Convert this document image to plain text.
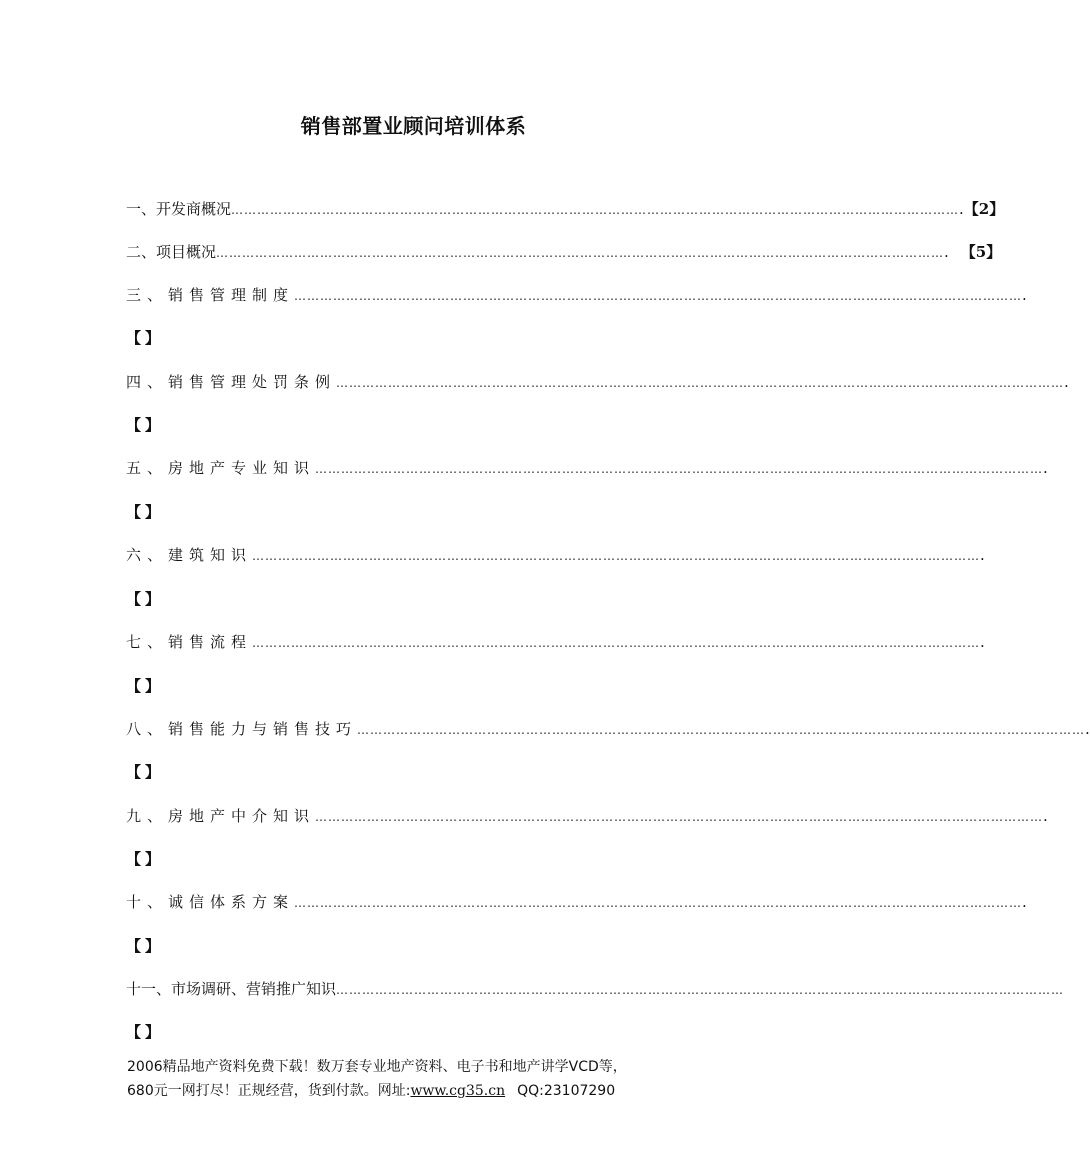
销售部置业顾问培训体系
一、开发商概况 …………………………………………………………………………………………………………………………………………………… . 【2】
二、项目概况 …………………………………………………………………………………………………………………………………………………… . 【5】
三、销售管理制度 …………………………………………………………………………………………………………………………………………………… .
【】
四、销售管理处罚条例 …………………………………………………………………………………………………………………………………………………… .
【】
五、房地产专业知识 …………………………………………………………………………………………………………………………………………………… .
【】
六、建筑知识 …………………………………………………………………………………………………………………………………………………… .
【】
七、销售流程 …………………………………………………………………………………………………………………………………………………… .
【】
八、销售能力与销售技巧 …………………………………………………………………………………………………………………………………………………… .
【】
九、房地产中介知识 …………………………………………………………………………………………………………………………………………………… .
【】
十、诚信体系方案 …………………………………………………………………………………………………………………………………………………… .
【】
十一、市场调研、营销推广知识 ……………………………………………………………………………………………………………………………………………………
【】
2006精品地产资料免费下载！数万套专业地产资料、电子书和地产讲学VCD等，
680元一网打尽！正规经营，货到付款。网址:www.cg35.cn QQ:23107290
